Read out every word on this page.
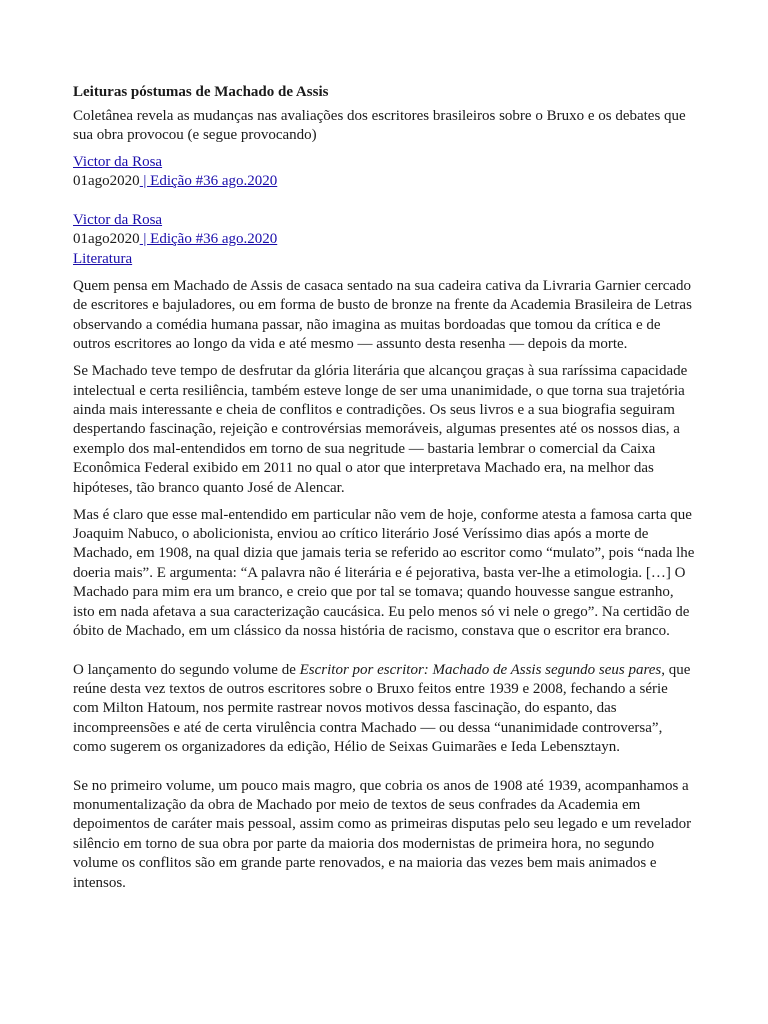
Leituras póstumas de Machado de Assis

Coletânea revela as mudanças nas avaliações dos escritores brasileiros sobre o Bruxo e os debates que sua obra provocou (e segue provocando)

Victor da Rosa
01ago2020 | Edição #36 ago.2020
Victor da Rosa
01ago2020 | Edição #36 ago.2020
Literatura

Quem pensa em Machado de Assis de casaca sentado na sua cadeira cativa da Livraria Garnier cercado de escritores e bajuladores, ou em forma de busto de bronze na frente da Academia Brasileira de Letras observando a comédia humana passar, não imagina as muitas bordoadas que tomou da crítica e de outros escritores ao longo da vida e até mesmo — assunto desta resenha — depois da morte.

Se Machado teve tempo de desfrutar da glória literária que alcançou graças à sua raríssima capacidade intelectual e certa resiliência, também esteve longe de ser uma unanimidade, o que torna sua trajetória ainda mais interessante e cheia de conflitos e contradições. Os seus livros e a sua biografia seguiram despertando fascinação, rejeição e controvérsias memoráveis, algumas presentes até os nossos dias, a exemplo dos mal-entendidos em torno de sua negritude — bastaria lembrar o comercial da Caixa Econômica Federal exibido em 2011 no qual o ator que interpretava Machado era, na melhor das hipóteses, tão branco quanto José de Alencar.

Mas é claro que esse mal-entendido em particular não vem de hoje, conforme atesta a famosa carta que Joaquim Nabuco, o abolicionista, enviou ao crítico literário José Veríssimo dias após a morte de Machado, em 1908, na qual dizia que jamais teria se referido ao escritor como “mulato”, pois “nada lhe doeria mais”. E argumenta: “A palavra não é literária e é pejorativa, basta ver-lhe a etimologia. […] O Machado para mim era um branco, e creio que por tal se tomava; quando houvesse sangue estranho, isto em nada afetava a sua caracterização caucásica. Eu pelo menos só vi nele o grego”. Na certidão de óbito de Machado, em um clássico da nossa história de racismo, constava que o escritor era branco.

O lançamento do segundo volume de Escritor por escritor: Machado de Assis segundo seus pares, que reúne desta vez textos de outros escritores sobre o Bruxo feitos entre 1939 e 2008, fechando a série com Milton Hatoum, nos permite rastrear novos motivos dessa fascinação, do espanto, das incompreensões e até de certa virulência contra Machado — ou dessa “unanimidade controversa”, como sugerem os organizadores da edição, Hélio de Seixas Guimarães e Ieda Lebensztayn.

Se no primeiro volume, um pouco mais magro, que cobria os anos de 1908 até 1939, acompanhamos a monumentalização da obra de Machado por meio de textos de seus confrades da Academia em depoimentos de caráter mais pessoal, assim como as primeiras disputas pelo seu legado e um revelador silêncio em torno de sua obra por parte da maioria dos modernistas de primeira hora, no segundo volume os conflitos são em grande parte renovados, e na maioria das vezes bem mais animados e intensos.
